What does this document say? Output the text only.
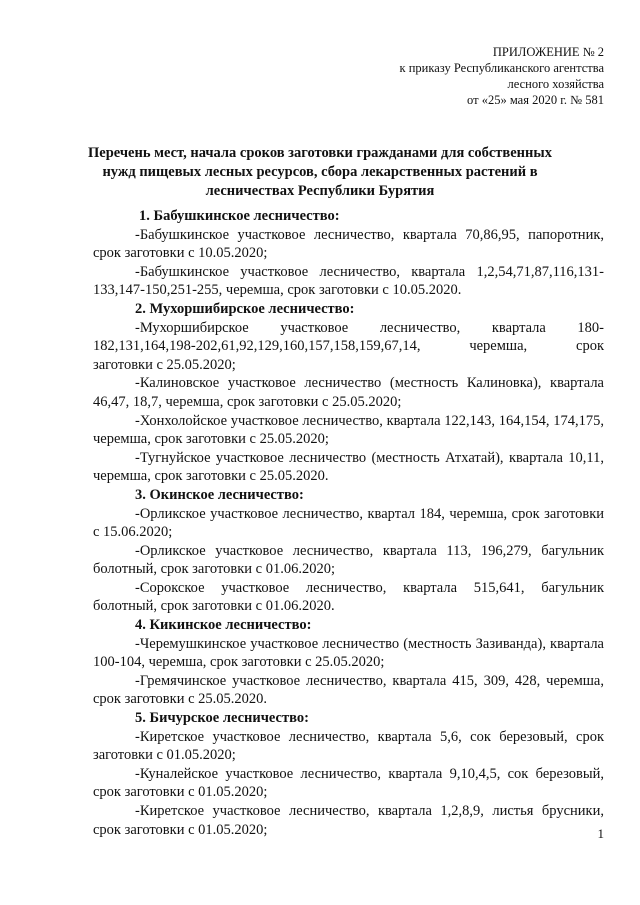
ПРИЛОЖЕНИЕ № 2
к приказу Республиканского агентства
лесного хозяйства
от «25» мая 2020 г. № 581
Перечень мест, начала сроков заготовки гражданами для собственных
нужд пищевых лесных ресурсов, сбора лекарственных растений в
лесничествах Республики Бурятия
1. Бабушкинское лесничество:
-Бабушкинское участковое лесничество, квартала 70,86,95, папоротник, срок заготовки с 10.05.2020;
-Бабушкинское участковое лесничество, квартала 1,2,54,71,87,116,131-133,147-150,251-255, черемша, срок заготовки с 10.05.2020.
2. Мухоршибирское лесничество:
-Мухоршибирское участковое лесничество, квартала 180-
182,131,164,198-202,61,92,129,160,157,158,159,67,14, черемша, срок
заготовки с 25.05.2020;
-Калиновское участковое лесничество (местность Калиновка), квартала 46,47, 18,7, черемша, срок заготовки с 25.05.2020;
-Хонхолойское участковое лесничество, квартала 122,143, 164,154, 174,175, черемша, срок заготовки с 25.05.2020;
-Тугнуйское участковое лесничество (местность Атхатай), квартала 10,11, черемша, срок заготовки с 25.05.2020.
3. Окинское лесничество:
-Орликское участковое лесничество, квартал 184, черемша, срок заготовки с 15.06.2020;
-Орликское участковое лесничество, квартала 113, 196,279, багульник болотный, срок заготовки с 01.06.2020;
-Сорокское участковое лесничество, квартала 515,641, багульник болотный, срок заготовки с 01.06.2020.
4. Кикинское лесничество:
-Черемушкинское участковое лесничество (местность Зазиванда), квартала 100-104, черемша, срок заготовки с 25.05.2020;
-Гремячинское участковое лесничество, квартала 415, 309, 428, черемша, срок заготовки с 25.05.2020.
5. Бичурское лесничество:
-Киретское участковое лесничество, квартала 5,6, сок березовый, срок заготовки с 01.05.2020;
-Куналейское участковое лесничество, квартала 9,10,4,5, сок березовый, срок заготовки с 01.05.2020;
-Киретское участковое лесничество, квартала 1,2,8,9, листья брусники, срок заготовки с 01.05.2020;	1
